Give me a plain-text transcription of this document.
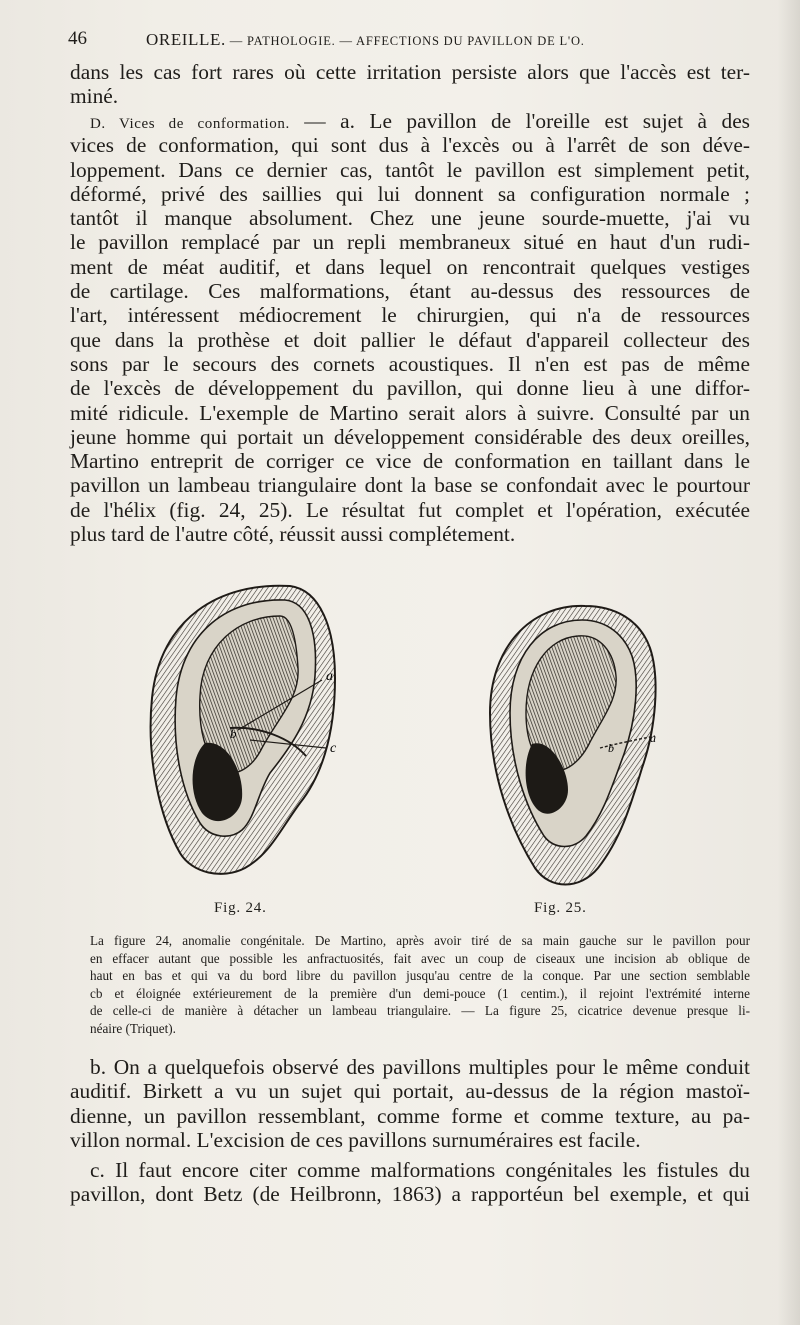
46	OREILLE. — PATHOLOGIE. — AFFECTIONS DU PAVILLON DE L'O.
dans les cas fort rares où cette irritation persiste alors que l'accès est ter-
miné.
D. Vices de conformation. — a. Le pavillon de l'oreille est sujet à des
vices de conformation, qui sont dus à l'excès ou à l'arrêt de son déve-
loppement. Dans ce dernier cas, tantôt le pavillon est simplement petit,
déformé, privé des saillies qui lui donnent sa configuration normale ;
tantôt il manque absolument. Chez une jeune sourde-muette, j'ai vu
le pavillon remplacé par un repli membraneux situé en haut d'un rudi-
ment de méat auditif, et dans lequel on rencontrait quelques vestiges
de cartilage. Ces malformations, étant au-dessus des ressources de
l'art, intéressent médiocrement le chirurgien, qui n'a de ressources
que dans la prothèse et doit pallier le défaut d'appareil collecteur des
sons par le secours des cornets acoustiques. Il n'en est pas de même
de l'excès de développement du pavillon, qui donne lieu à une diffor-
mité ridicule. L'exemple de Martino serait alors à suivre. Consulté par un
jeune homme qui portait un développement considérable des deux oreilles,
Martino entreprit de corriger ce vice de conformation en taillant dans le
pavillon un lambeau triangulaire dont la base se confondait avec le pourtour
de l'hélix (fig. 24, 25). Le résultat fut complet et l'opération, exécutée
plus tard de l'autre côté, réussit aussi complétement.
a
b
c	b
a
Fig. 24.	Fig. 25.
La figure 24, anomalie congénitale. De Martino, après avoir tiré de sa main gauche sur le pavillon pour
en effacer autant que possible les anfractuosités, fait avec un coup de ciseaux une incision ab oblique de
haut en bas et qui va du bord libre du pavillon jusqu'au centre de la conque. Par une section semblable
cb et éloignée extérieurement de la première d'un demi-pouce (1 centim.), il rejoint l'extrémité interne
de celle-ci de manière à détacher un lambeau triangulaire. — La figure 25, cicatrice devenue presque li-
néaire (Triquet).
b. On a quelquefois observé des pavillons multiples pour le même conduit
auditif. Birkett a vu un sujet qui portait, au-dessus de la région mastoï-
dienne, un pavillon ressemblant, comme forme et comme texture, au pa-
villon normal. L'excision de ces pavillons surnuméraires est facile.
c. Il faut encore citer comme malformations congénitales les fistules du
pavillon, dont Betz (de Heilbronn, 1863) a rapportéun bel exemple, et qui
